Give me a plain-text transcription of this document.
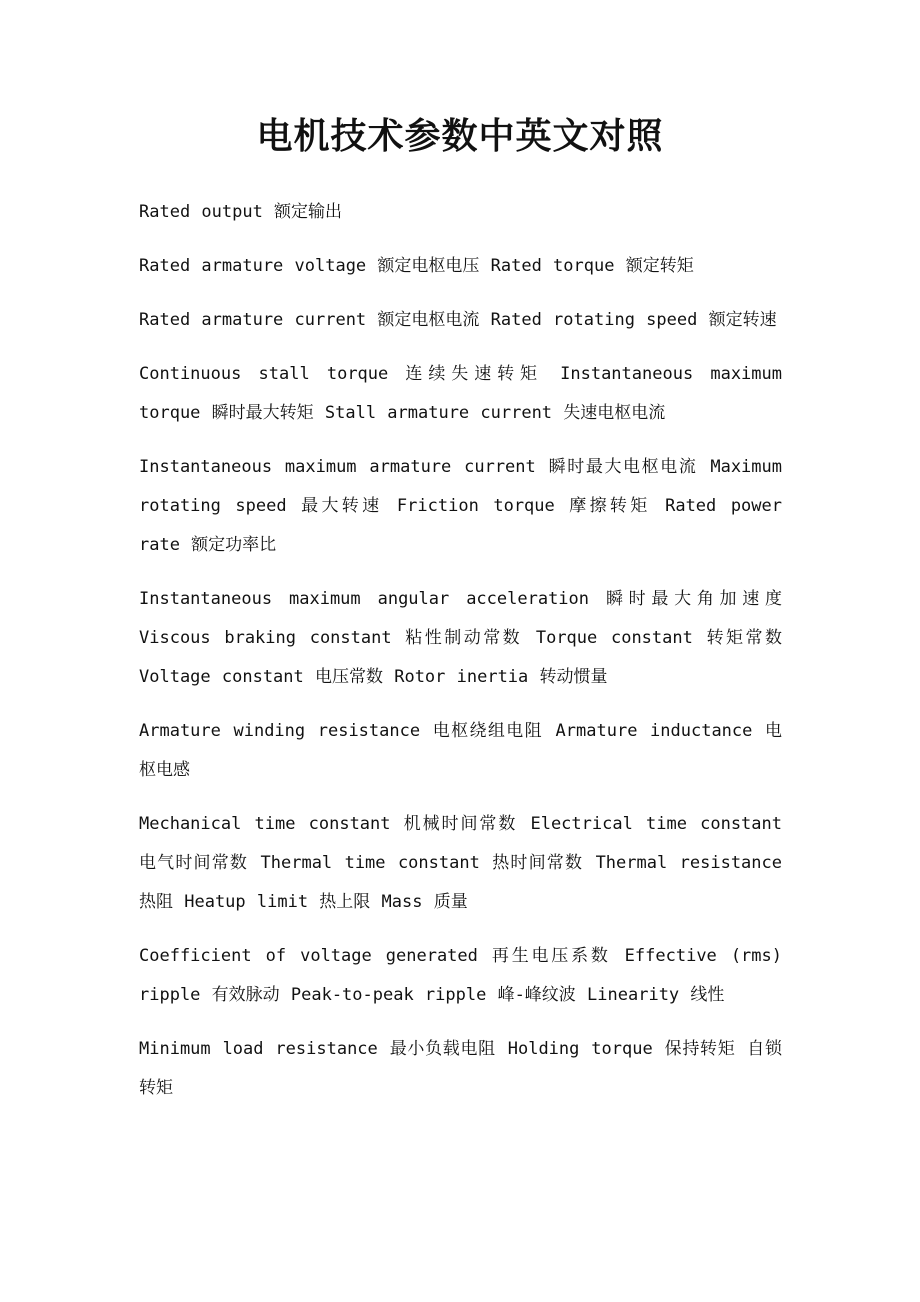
电机技术参数中英文对照

Rated output 额定输出

Rated armature voltage 额定电枢电压 Rated torque 额定转矩

Rated armature current 额定电枢电流 Rated rotating speed 额定转速

Continuous stall torque 连续失速转矩 Instantaneous maximum torque 瞬时最大转矩 Stall armature current 失速电枢电流

Instantaneous maximum armature current 瞬时最大电枢电流 Maximum rotating speed 最大转速 Friction torque 摩擦转矩 Rated power rate 额定功率比

Instantaneous maximum angular acceleration 瞬时最大角加速度 Viscous braking constant 粘性制动常数 Torque constant 转矩常数 Voltage constant 电压常数 Rotor inertia 转动惯量

Armature winding resistance 电枢绕组电阻 Armature inductance 电枢电感

Mechanical time constant 机械时间常数 Electrical time constant 电气时间常数 Thermal time constant 热时间常数 Thermal resistance 热阻 Heatup limit 热上限 Mass 质量

Coefficient of voltage generated 再生电压系数 Effective (rms) ripple 有效脉动 Peak-to-peak ripple 峰-峰纹波 Linearity 线性

Minimum load resistance 最小负载电阻 Holding torque 保持转矩 自锁转矩
